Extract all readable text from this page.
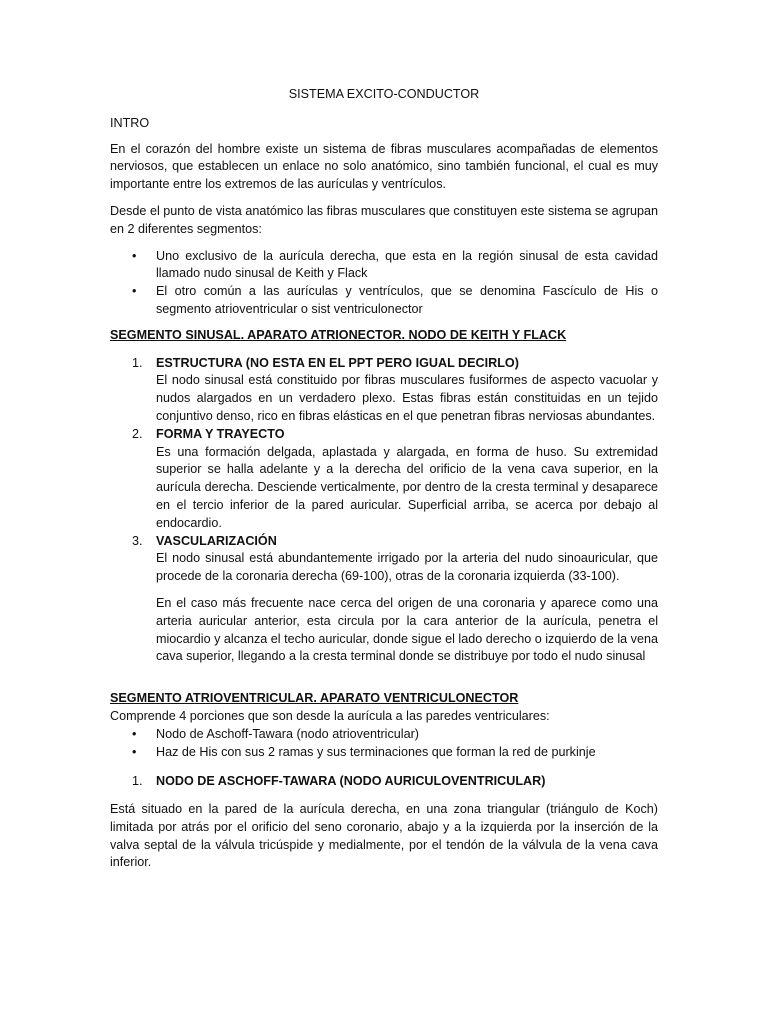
SISTEMA EXCITO-CONDUCTOR
INTRO

En el corazón del hombre existe un sistema de fibras musculares acompañadas de elementos nerviosos, que establecen un enlace no solo anatómico, sino también funcional, el cual es muy importante entre los extremos de las aurículas y ventrículos.

Desde el punto de vista anatómico las fibras musculares que constituyen este sistema se agrupan en 2 diferentes segmentos:

• Uno exclusivo de la aurícula derecha, que esta en la región sinusal de esta cavidad llamado nudo sinusal de Keith y Flack
• El otro común a las aurículas y ventrículos, que se denomina Fascículo de His o segmento atrioventricular o sist ventriculonector
SEGMENTO SINUSAL. APARATO ATRIONECTOR. NODO DE KEITH Y FLACK
1. ESTRUCTURA (NO ESTA EN EL PPT PERO IGUAL DECIRLO)
El nodo sinusal está constituido por fibras musculares fusiformes de aspecto vacuolar y nudos alargados en un verdadero plexo. Estas fibras están constituidas en un tejido conjuntivo denso, rico en fibras elásticas en el que penetran fibras nerviosas abundantes.
2. FORMA Y TRAYECTO
Es una formación delgada, aplastada y alargada, en forma de huso. Su extremidad superior se halla adelante y a la derecha del orificio de la vena cava superior, en la aurícula derecha. Desciende verticalmente, por dentro de la cresta terminal y desaparece en el tercio inferior de la pared auricular. Superficial arriba, se acerca por debajo al endocardio.
3. VASCULARIZACIÓN
El nodo sinusal está abundantemente irrigado por la arteria del nudo sinoauricular, que procede de la coronaria derecha (69-100), otras de la coronaria izquierda (33-100).
En el caso más frecuente nace cerca del origen de una coronaria y aparece como una arteria auricular anterior, esta circula por la cara anterior de la aurícula, penetra el miocardio y alcanza el techo auricular, donde sigue el lado derecho o izquierdo de la vena cava superior, llegando a la cresta terminal donde se distribuye por todo el nudo sinusal
SEGMENTO ATRIOVENTRICULAR. APARATO VENTRICULONECTOR
Comprende 4 porciones que son desde la aurícula a las paredes ventriculares:
• Nodo de Aschoff-Tawara (nodo atrioventricular)
• Haz de His con sus 2 ramas y sus terminaciones que forman la red de purkinje
1. NODO DE ASCHOFF-TAWARA (NODO AURICULOVENTRICULAR)

Está situado en la pared de la aurícula derecha, en una zona triangular (triángulo de Koch) limitada por atrás por el orificio del seno coronario, abajo y a la izquierda por la inserción de la valva septal de la válvula tricúspide y medialmente, por el tendón de la válvula de la vena cava inferior.
